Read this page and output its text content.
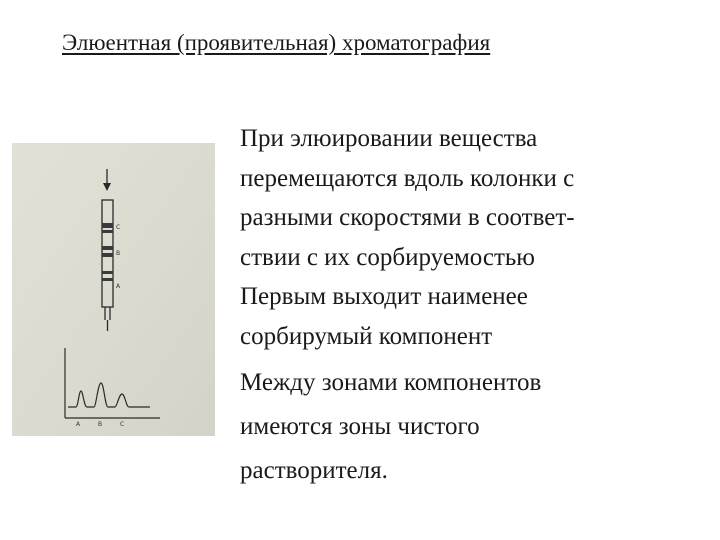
Элюентная (проявительная) хроматография
С
В
А
А	В	С

При элюировании вещества
перемещаются вдоль колонки с
разными скоростями в соответ-
ствии с их сорбируемостью
Первым выходит наименее
сорбирумый компонент

Между зонами компонентов
имеются зоны чистого
растворителя.
